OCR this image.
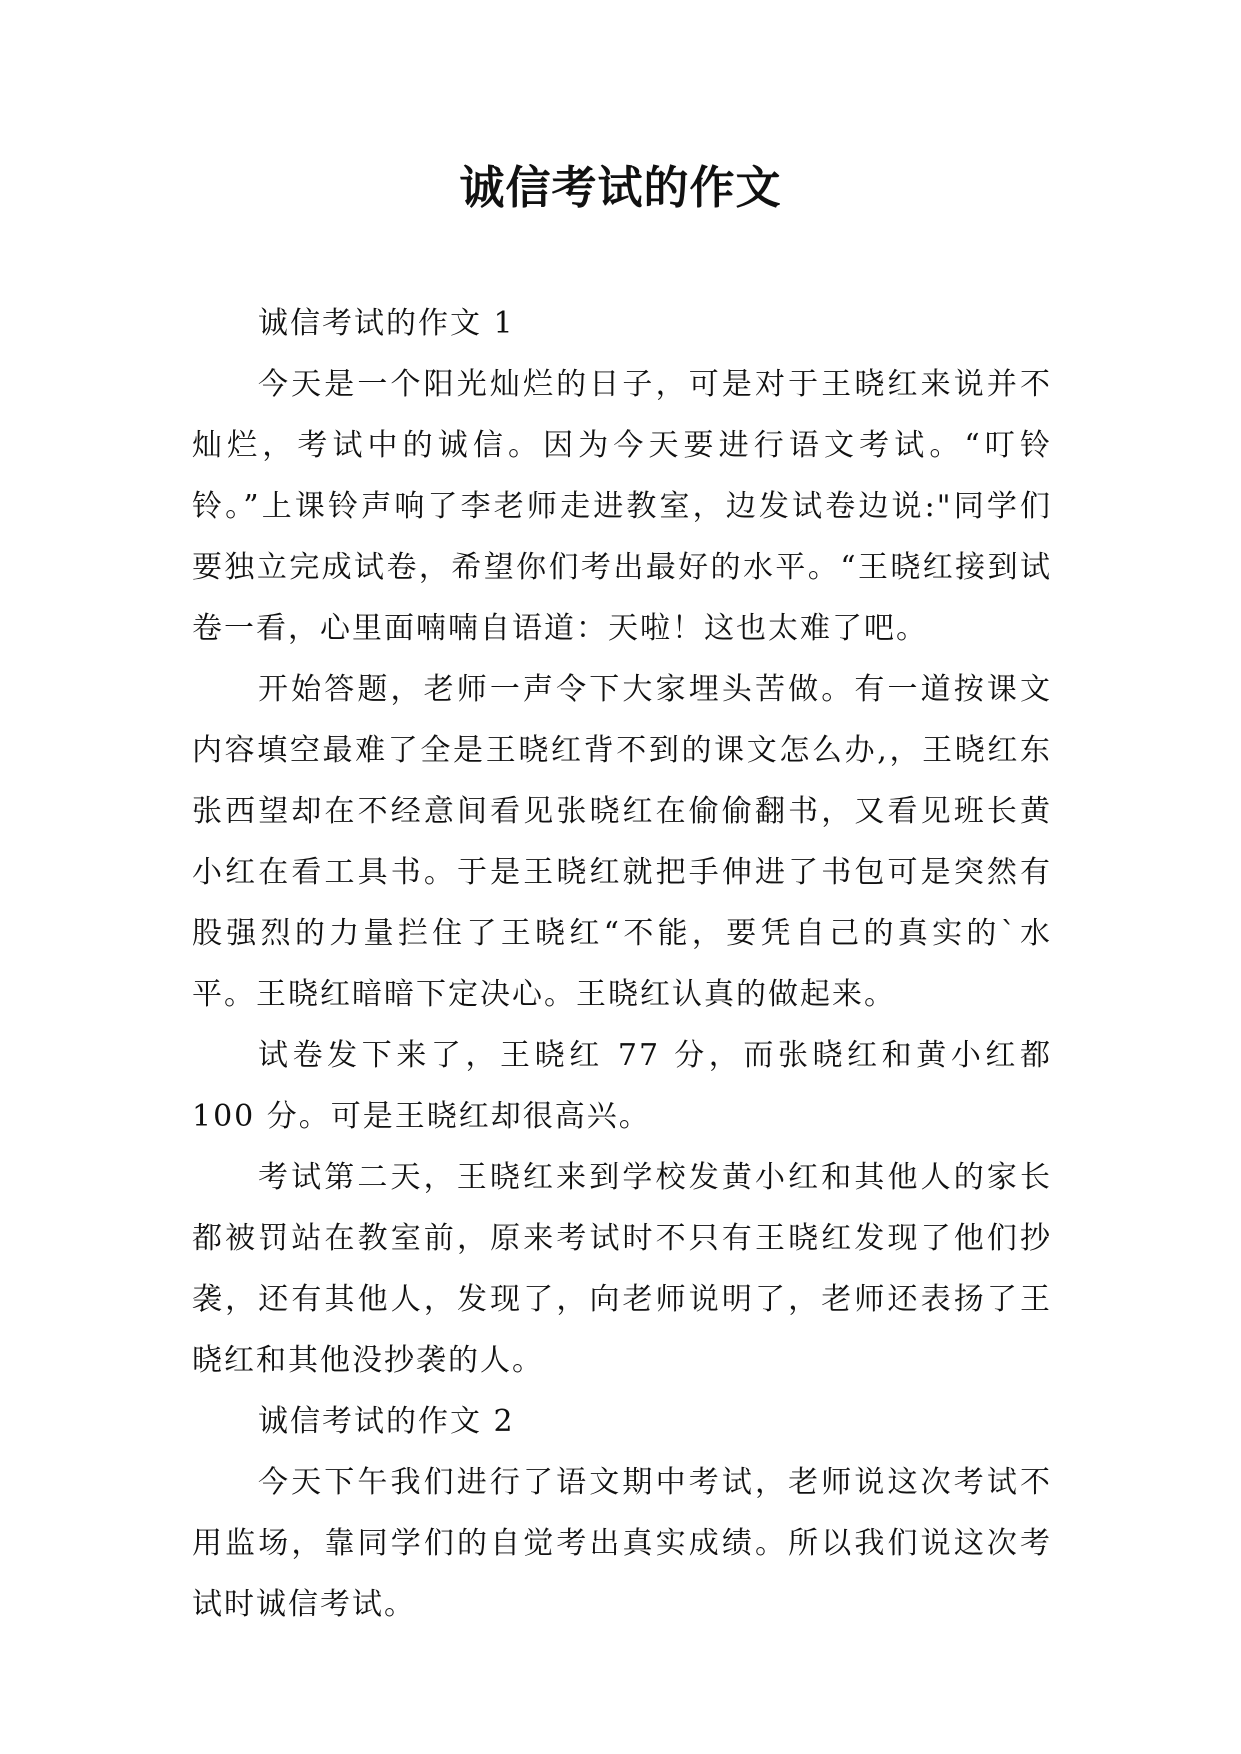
诚信考试的作文

诚信考试的作文 1

今天是一个阳光灿烂的日子，可是对于王晓红来说并不灿烂，考试中的诚信。因为今天要进行语文考试。“叮铃铃。”上课铃声响了李老师走进教室，边发试卷边说:"同学们要独立完成试卷，希望你们考出最好的水平。“王晓红接到试卷一看，心里面喃喃自语道：天啦！这也太难了吧。

开始答题，老师一声令下大家埋头苦做。有一道按课文内容填空最难了全是王晓红背不到的课文怎么办,，王晓红东张西望却在不经意间看见张晓红在偷偷翻书，又看见班长黄小红在看工具书。于是王晓红就把手伸进了书包可是突然有股强烈的力量拦住了王晓红“不能，要凭自己的真实的`水平。王晓红暗暗下定决心。王晓红认真的做起来。

试卷发下来了，王晓红 77 分，而张晓红和黄小红都 100 分。可是王晓红却很高兴。

考试第二天，王晓红来到学校发黄小红和其他人的家长都被罚站在教室前，原来考试时不只有王晓红发现了他们抄袭，还有其他人，发现了，向老师说明了，老师还表扬了王晓红和其他没抄袭的人。

诚信考试的作文 2

今天下午我们进行了语文期中考试，老师说这次考试不用监场，靠同学们的自觉考出真实成绩。所以我们说这次考试时诚信考试。
